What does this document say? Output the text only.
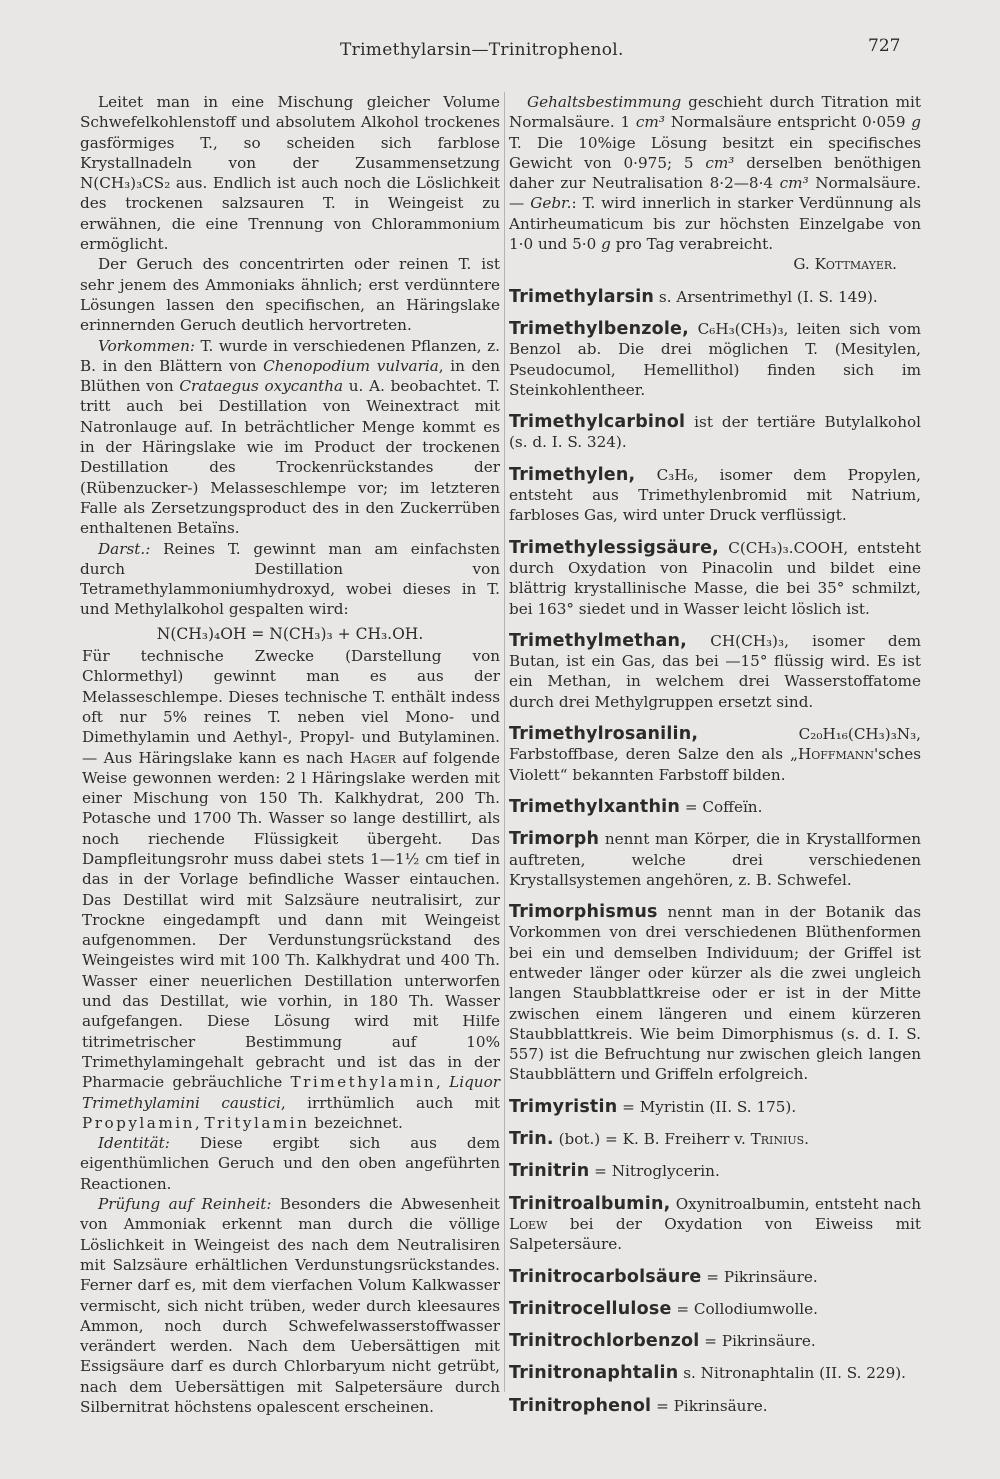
Trimethylarsin—Trinitrophenol.	727

Leitet man in eine Mischung gleicher Volume Schwefelkohlenstoff und absolutem Alkohol trockenes gasförmiges T., so scheiden sich farblose Krystallnadeln von der Zusammensetzung N(CH₃)₃CS₂ aus. Endlich ist auch noch die Löslichkeit des trockenen salzsauren T. in Weingeist zu erwähnen, die eine Trennung von Chlorammonium ermöglicht.

Der Geruch des concentrirten oder reinen T. ist sehr jenem des Ammoniaks ähnlich; erst verdünntere Lösungen lassen den specifischen, an Häringslake erinnernden Geruch deutlich hervortreten.

Vorkommen: T. wurde in verschiedenen Pflanzen, z. B. in den Blättern von Chenopodium vulvaria, in den Blüthen von Crataegus oxycantha u. A. beobachtet. T. tritt auch bei Destillation von Weinextract mit Natronlauge auf. In beträchtlicher Menge kommt es in der Häringslake wie im Product der trockenen Destillation des Trockenrückstandes der (Rübenzucker-) Melasseschlempe vor; im letzteren Falle als Zersetzungsproduct des in den Zuckerrüben enthaltenen Betaïns.

Darst.: Reines T. gewinnt man am einfachsten durch Destillation von Tetramethylammoniumhydroxyd, wobei dieses in T. und Methylalkohol gespalten wird:

N(CH₃)₄OH = N(CH₃)₃ + CH₃.OH.

Für technische Zwecke (Darstellung von Chlormethyl) gewinnt man es aus der Melasseschlempe. Dieses technische T. enthält indess oft nur 5% reines T. neben viel Mono- und Dimethylamin und Aethyl-, Propyl- und Butylaminen. — Aus Häringslake kann es nach Hager auf folgende Weise gewonnen werden: 2 l Häringslake werden mit einer Mischung von 150 Th. Kalkhydrat, 200 Th. Potasche und 1700 Th. Wasser so lange destillirt, als noch riechende Flüssigkeit übergeht. Das Dampfleitungsrohr muss dabei stets 1—1½ cm tief in das in der Vorlage befindliche Wasser eintauchen. Das Destillat wird mit Salzsäure neutralisirt, zur Trockne eingedampft und dann mit Weingeist aufgenommen. Der Verdunstungsrückstand des Weingeistes wird mit 100 Th. Kalkhydrat und 400 Th. Wasser einer neuerlichen Destillation unterworfen und das Destillat, wie vorhin, in 180 Th. Wasser aufgefangen. Diese Lösung wird mit Hilfe titrimetrischer Bestimmung auf 10% Trimethylamingehalt gebracht und ist das in der Pharmacie gebräuchliche Trimethylamin, Liquor Trimethylamini caustici, irrthümlich auch mit Propylamin, Tritylamin bezeichnet.

Identität: Diese ergibt sich aus dem eigenthümlichen Geruch und den oben angeführten Reactionen.

Prüfung auf Reinheit: Besonders die Abwesenheit von Ammoniak erkennt man durch die völlige Löslichkeit in Weingeist des nach dem Neutralisiren mit Salzsäure erhältlichen Verdunstungsrückstandes. Ferner darf es, mit dem vierfachen Volum Kalkwasser vermischt, sich nicht trüben, weder durch kleesaures Ammon, noch durch Schwefelwasserstoffwasser verändert werden. Nach dem Uebersättigen mit Essigsäure darf es durch Chlorbaryum nicht getrübt, nach dem Uebersättigen mit Salpetersäure durch Silbernitrat höchstens opalescent erscheinen.

Gehaltsbestimmung geschieht durch Titration mit Normalsäure. 1 cm³ Normalsäure entspricht 0·059 g T. Die 10%ige Lösung besitzt ein specifisches Gewicht von 0·975; 5 cm³ derselben benöthigen daher zur Neutralisation 8·2—8·4 cm³ Normalsäure. — Gebr.: T. wird innerlich in starker Verdünnung als Antirheumaticum bis zur höchsten Einzelgabe von 1·0 und 5·0 g pro Tag verabreicht.

G. Kottmayer.

Trimethylarsin s. Arsentrimethyl (I. S. 149).

Trimethylbenzole, C₆H₃(CH₃)₃, leiten sich vom Benzol ab. Die drei möglichen T. (Mesitylen, Pseudocumol, Hemellithol) finden sich im Steinkohlentheer.

Trimethylcarbinol ist der tertiäre Butylalkohol (s. d. I. S. 324).

Trimethylen, C₃H₆, isomer dem Propylen, entsteht aus Trimethylenbromid mit Natrium, farbloses Gas, wird unter Druck verflüssigt.

Trimethylessigsäure, C(CH₃)₃.COOH, entsteht durch Oxydation von Pinacolin und bildet eine blättrig krystallinische Masse, die bei 35° schmilzt, bei 163° siedet und in Wasser leicht löslich ist.

Trimethylmethan, CH(CH₃)₃, isomer dem Butan, ist ein Gas, das bei —15° flüssig wird. Es ist ein Methan, in welchem drei Wasserstoffatome durch drei Methylgruppen ersetzt sind.

Trimethylrosanilin, C₂₀H₁₆(CH₃)₃N₃, Farbstoffbase, deren Salze den als „Hoffmann'sches Violett“ bekannten Farbstoff bilden.

Trimethylxanthin = Coffeïn.

Trimorph nennt man Körper, die in Krystallformen auftreten, welche drei verschiedenen Krystallsystemen angehören, z. B. Schwefel.

Trimorphismus nennt man in der Botanik das Vorkommen von drei verschiedenen Blüthenformen bei ein und demselben Individuum; der Griffel ist entweder länger oder kürzer als die zwei ungleich langen Staubblattkreise oder er ist in der Mitte zwischen einem längeren und einem kürzeren Staubblattkreis. Wie beim Dimorphismus (s. d. I. S. 557) ist die Befruchtung nur zwischen gleich langen Staubblättern und Griffeln erfolgreich.

Trimyristin = Myristin (II. S. 175).

Trin. (bot.) = K. B. Freiherr v. Trinius.

Trinitrin = Nitroglycerin.

Trinitroalbumin, Oxynitroalbumin, entsteht nach Loew bei der Oxydation von Eiweiss mit Salpetersäure.

Trinitrocarbolsäure = Pikrinsäure.

Trinitrocellulose = Collodiumwolle.

Trinitrochlorbenzol = Pikrinsäure.

Trinitronaphtalin s. Nitronaphtalin (II. S. 229).

Trinitrophenol = Pikrinsäure.
